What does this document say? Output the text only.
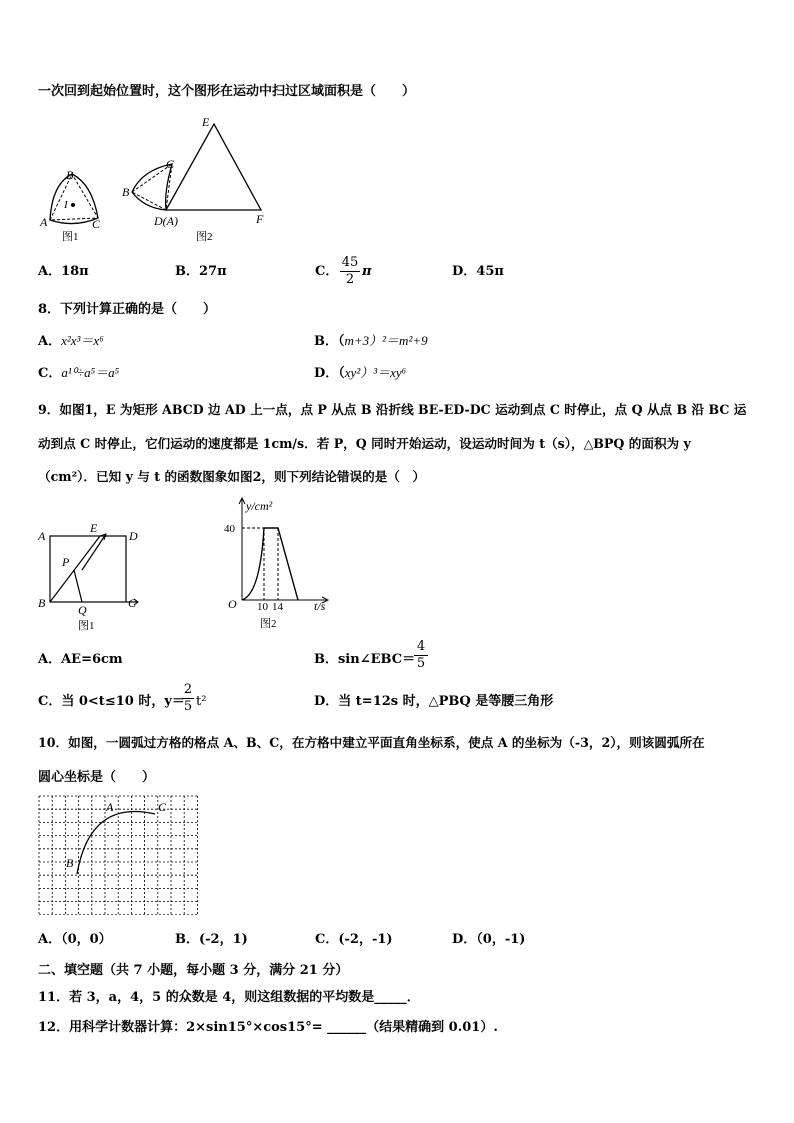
一次回到起始位置时，这个图形在运动中扫过区域面积是（　　）
B
A	C
I
图1
E
C
B
D(A)	F
图2
A．18π	B．27π	C．
45
2
π	D．45π
8．下列计算正确的是（　　）
A．x²x³＝x⁶	B．（m+3）²＝m²+9
C．a¹⁰÷a⁵＝a⁵	D．（xy²）³＝xy⁶
9．如图1，E 为矩形 ABCD 边 AD 上一点，点 P 从点 B 沿折线 BE-ED-DC 运动到点 C 时停止，点 Q 从点 B 沿 BC 运
动到点 C 时停止，它们运动的速度都是 1cm/s．若 P，Q 同时开始运动，设运动时间为 t（s），△BPQ 的面积为 y
（cm²）．已知 y 与 t 的函数图象如图2，则下列结论错误的是（　）
A
E
D
P
B	Q	C
图1
y/cm²
40
O 10 14	t/s
图2
A．AE=6cm	B．sin∠EBC＝
4
5
C．当 0<t≤10 时，y＝
2
5 t²	D．当 t=12s 时，△PBQ 是等腰三角形
10．如图，一圆弧过方格的格点 A、B、C，在方格中建立平面直角坐标系，使点 A 的坐标为（-3，2），则该圆弧所在
圆心坐标是（　　）
A
B
C
A．（0，0）	B．(-2，1)	C．(-2，-1)	D．（0，-1)
二、填空题（共 7 小题，每小题 3 分，满分 21 分）
11．若 3，a，4，5 的众数是 4，则这组数据的平均数是_____．
12．用科学计数器计算：2×sin15°×cos15°= ______（结果精确到 0.01）.
